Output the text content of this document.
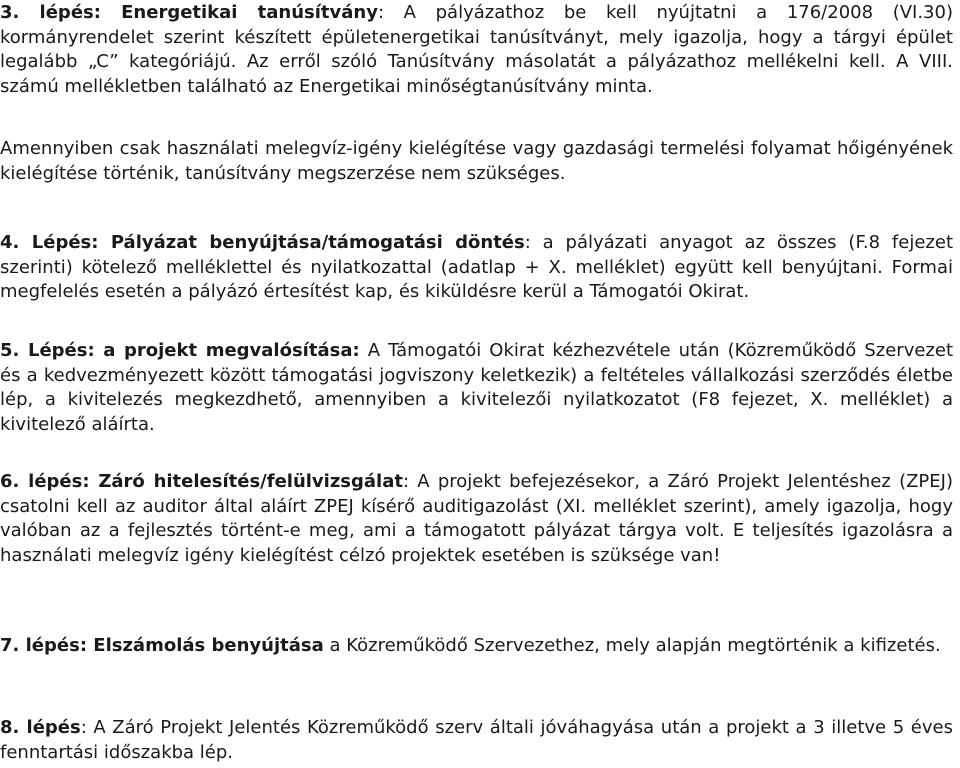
3. lépés: Energetikai tanúsítvány: A pályázathoz be kell nyújtatni a 176/2008 (VI.30) kormányrendelet szerint készített épületenergetikai tanúsítványt, mely igazolja, hogy a tárgyi épület legalább „C” kategóriájú. Az erről szóló Tanúsítvány másolatát a pályázathoz mellékelni kell. A VIII. számú mellékletben található az Energetikai minőségtanúsítvány minta.

Amennyiben csak használati melegvíz-igény kielégítése vagy gazdasági termelési folyamat hőigényének kielégítése történik, tanúsítvány megszerzése nem szükséges.

4. Lépés: Pályázat benyújtása/támogatási döntés: a pályázati anyagot az összes (F.8 fejezet szerinti) kötelező melléklettel és nyilatkozattal (adatlap + X. melléklet) együtt kell benyújtani. Formai megfelelés esetén a pályázó értesítést kap, és kiküldésre kerül a Támogatói Okirat.

5. Lépés: a projekt megvalósítása: A Támogatói Okirat kézhezvétele után (Közreműködő Szervezet és a kedvezményezett között támogatási jogviszony keletkezik) a feltételes vállalkozási szerződés életbe lép, a kivitelezés megkezdhető, amennyiben a kivitelezői nyilatkozatot (F8 fejezet, X. melléklet) a kivitelező aláírta.

6. lépés: Záró hitelesítés/felülvizsgálat: A projekt befejezésekor, a Záró Projekt Jelentéshez (ZPEJ) csatolni kell az auditor által aláírt ZPEJ kísérő auditigazolást (XI. melléklet szerint), amely igazolja, hogy valóban az a fejlesztés történt-e meg, ami a támogatott pályázat tárgya volt. E teljesítés igazolásra a használati melegvíz igény kielégítést célzó projektek esetében is szüksége van!

7. lépés: Elszámolás benyújtása a Közreműködő Szervezethez, mely alapján megtörténik a kifizetés.

8. lépés: A Záró Projekt Jelentés Közreműködő szerv általi jóváhagyása után a projekt a 3 illetve 5 éves fenntartási időszakba lép.
